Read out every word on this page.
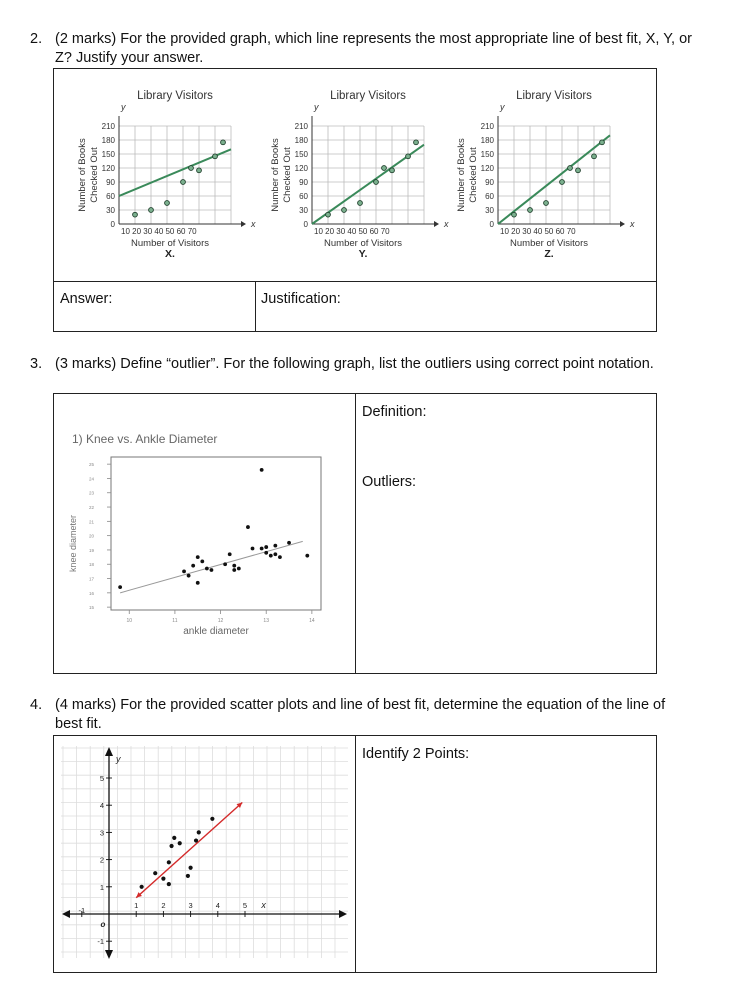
2. (2 marks) For the provided graph, which line represents the most appropriate line of best fit, X, Y, or Z? Justify your answer.
Library Visitors
y
x
0
30
60
90
120
150
180
210
10 20 30 40 50 60 70
Number of Visitors
X.
Number of Books Checked Out
Library Visitors
y
x
0
30
60
90
120
150
180
210
10 20 30 40 50 60 70
Number of Visitors
Y.
Number of Books Checked Out
Library Visitors
y
x
0
30
60
90
120
150
180
210
10 20 30 40 50 60 70
Number of Visitors
Z.
Number of Books Checked Out
Answer:	Justification:
3. (3 marks) Define “outlier”. For the following graph, list the outliers using correct point notation.
1) Knee vs. Ankle Diameter
15
16
17
18
19
20
21
22
23
24
25
10	11	12	13	14
ankle diameter
knee diameter
Definition:
Outliers:
4. (4 marks) For the provided scatter plots and line of best fit, determine the equation of the line of best fit.
y
x
o
-1
1	2	3	4	5
-1
1
2
3
4
5
Identify 2 Points:
